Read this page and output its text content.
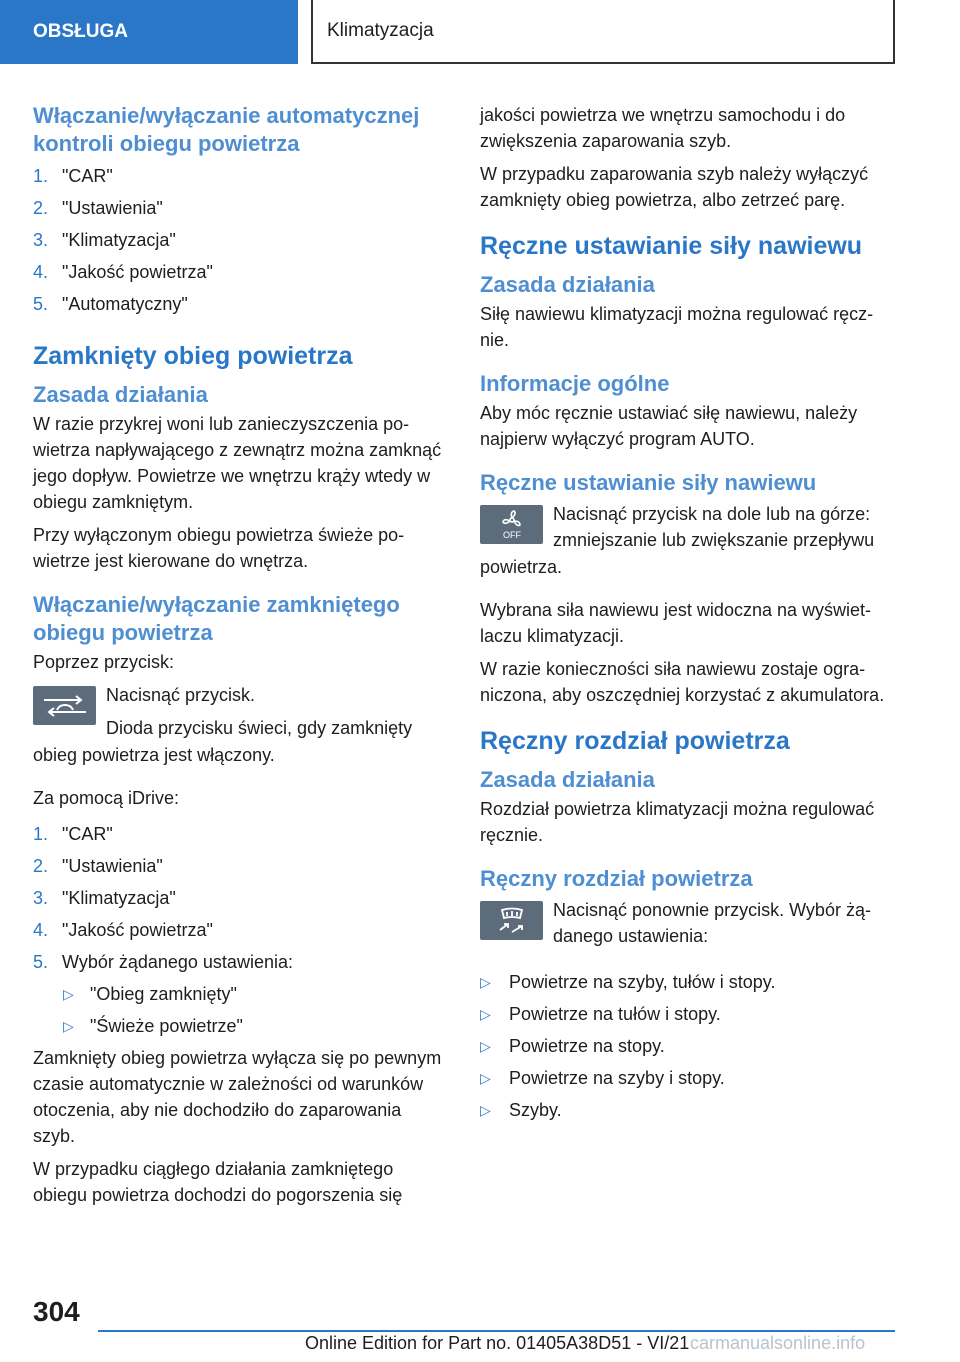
OBSŁUGA	Klimatyzacja
Włączanie/wyłączanie automatycznej kontroli obiegu powietrza
1. "CAR"
2. "Ustawienia"
3. "Klimatyzacja"
4. "Jakość powietrza"
5. "Automatyczny"
Zamknięty obieg powietrza
Zasada działania

W razie przykrej woni lub zanieczyszczenia powietrza napływającego z zewnątrz można zamknąć jego dopływ. Powietrze we wnętrzu krąży wtedy w obiegu zamkniętym.

Przy wyłączonym obiegu powietrza świeże powietrze jest kierowane do wnętrza.

Włączanie/wyłączanie zamkniętego obiegu powietrza

Poprzez przycisk:

Nacisnąć przycisk.

Dioda przycisku świeci, gdy zamknięty

obieg powietrza jest włączony.

Za pomocą iDrive:

1. "CAR"
2. "Ustawienia"
3. "Klimatyzacja"
4. "Jakość powietrza"
5. Wybór żądanego ustawienia:
▷ "Obieg zamknięty"
▷ "Świeże powietrze"

Zamknięty obieg powietrza wyłącza się po pewnym czasie automatycznie w zależności od warunków otoczenia, aby nie dochodziło do zaparowania szyb.

W przypadku ciągłego działania zamkniętego obiegu powietrza dochodzi do pogorszenia się

jakości powietrza we wnętrzu samochodu i do zwiększenia zaparowania szyb.

W przypadku zaparowania szyb należy wyłączyć zamknięty obieg powietrza, albo zetrzeć parę.

Ręczne ustawianie siły nawiewu
Zasada działania

Siłę nawiewu klimatyzacji można regulować ręcznie.

Informacje ogólne

Aby móc ręcznie ustawiać siłę nawiewu, należy najpierw wyłączyć program AUTO.

Ręczne ustawianie siły nawiewu
OFF

Nacisnąć przycisk na dole lub na górze: zmniejszanie lub zwiększanie przepływu

powietrza.

Wybrana siła nawiewu jest widoczna na wyświetlaczu klimatyzacji.

W razie konieczności siła nawiewu zostaje ograniczona, aby oszczędniej korzystać z akumulatora.

Ręczny rozdział powietrza
Zasada działania

Rozdział powietrza klimatyzacji można regulować ręcznie.

Ręczny rozdział powietrza

Nacisnąć ponownie przycisk. Wybór żądanego ustawienia:

▷ Powietrze na szyby, tułów i stopy.
▷ Powietrze na tułów i stopy.
▷ Powietrze na stopy.
▷ Powietrze na szyby i stopy.
▷ Szyby.
304
Online Edition for Part no. 01405A38D51 - VI/21 carmanualsonline.info
